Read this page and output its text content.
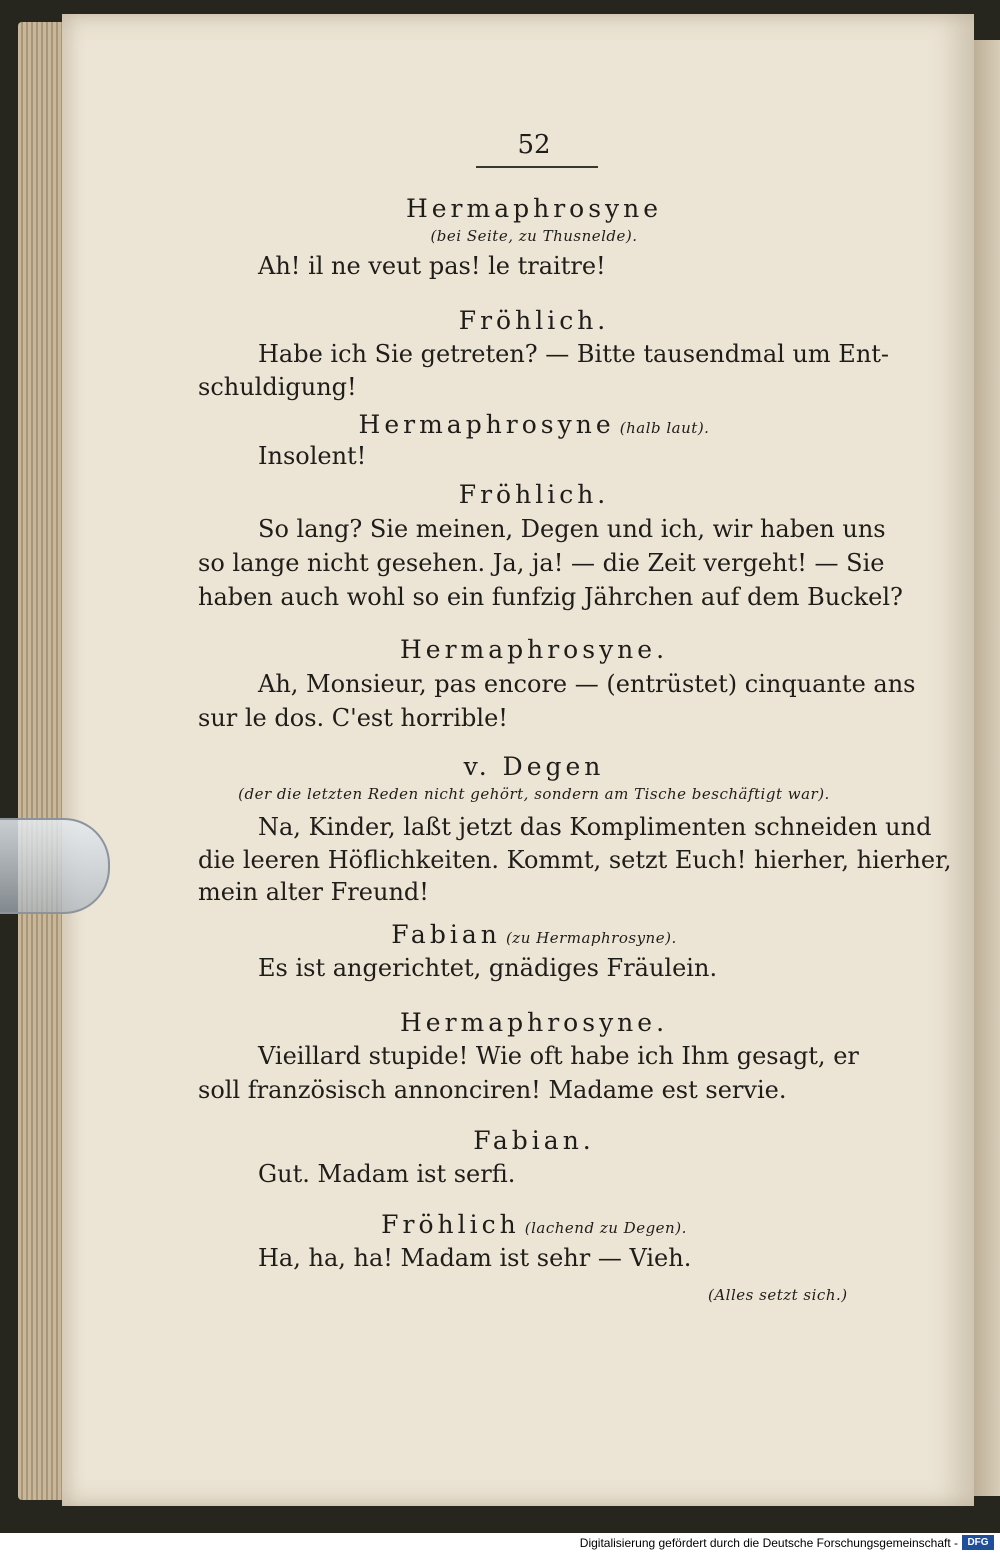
52
Hermaphrosyne
(bei Seite, zu Thusnelde).
Ah! il ne veut pas! le traitre!
Fröhlich.
Habe ich Sie getreten? — Bitte tausendmal um Ent-
schuldigung!
Hermaphrosyne (halb laut).
Insolent!
Fröhlich.
So lang? Sie meinen, Degen und ich, wir haben uns
so lange nicht gesehen. Ja, ja! — die Zeit vergeht! — Sie
haben auch wohl so ein funfzig Jährchen auf dem Buckel?
Hermaphrosyne.
Ah, Monsieur, pas encore — (entrüstet) cinquante ans
sur le dos. C'est horrible!
v. Degen
(der die letzten Reden nicht gehört, sondern am Tische beschäftigt war).
Na, Kinder, laßt jetzt das Komplimenten schneiden und
die leeren Höflichkeiten. Kommt, setzt Euch! hierher, hierher,
mein alter Freund!
Fabian (zu Hermaphrosyne).
Es ist angerichtet, gnädiges Fräulein.
Hermaphrosyne.
Vieillard stupide! Wie oft habe ich Ihm gesagt, er
soll französisch annonciren! Madame est servie.
Fabian.
Gut. Madam ist serfi.
Fröhlich (lachend zu Degen).
Ha, ha, ha! Madam ist sehr — Vieh.
(Alles setzt sich.)
Digitalisierung gefördert durch die Deutsche Forschungsgemeinschaft - DFG
